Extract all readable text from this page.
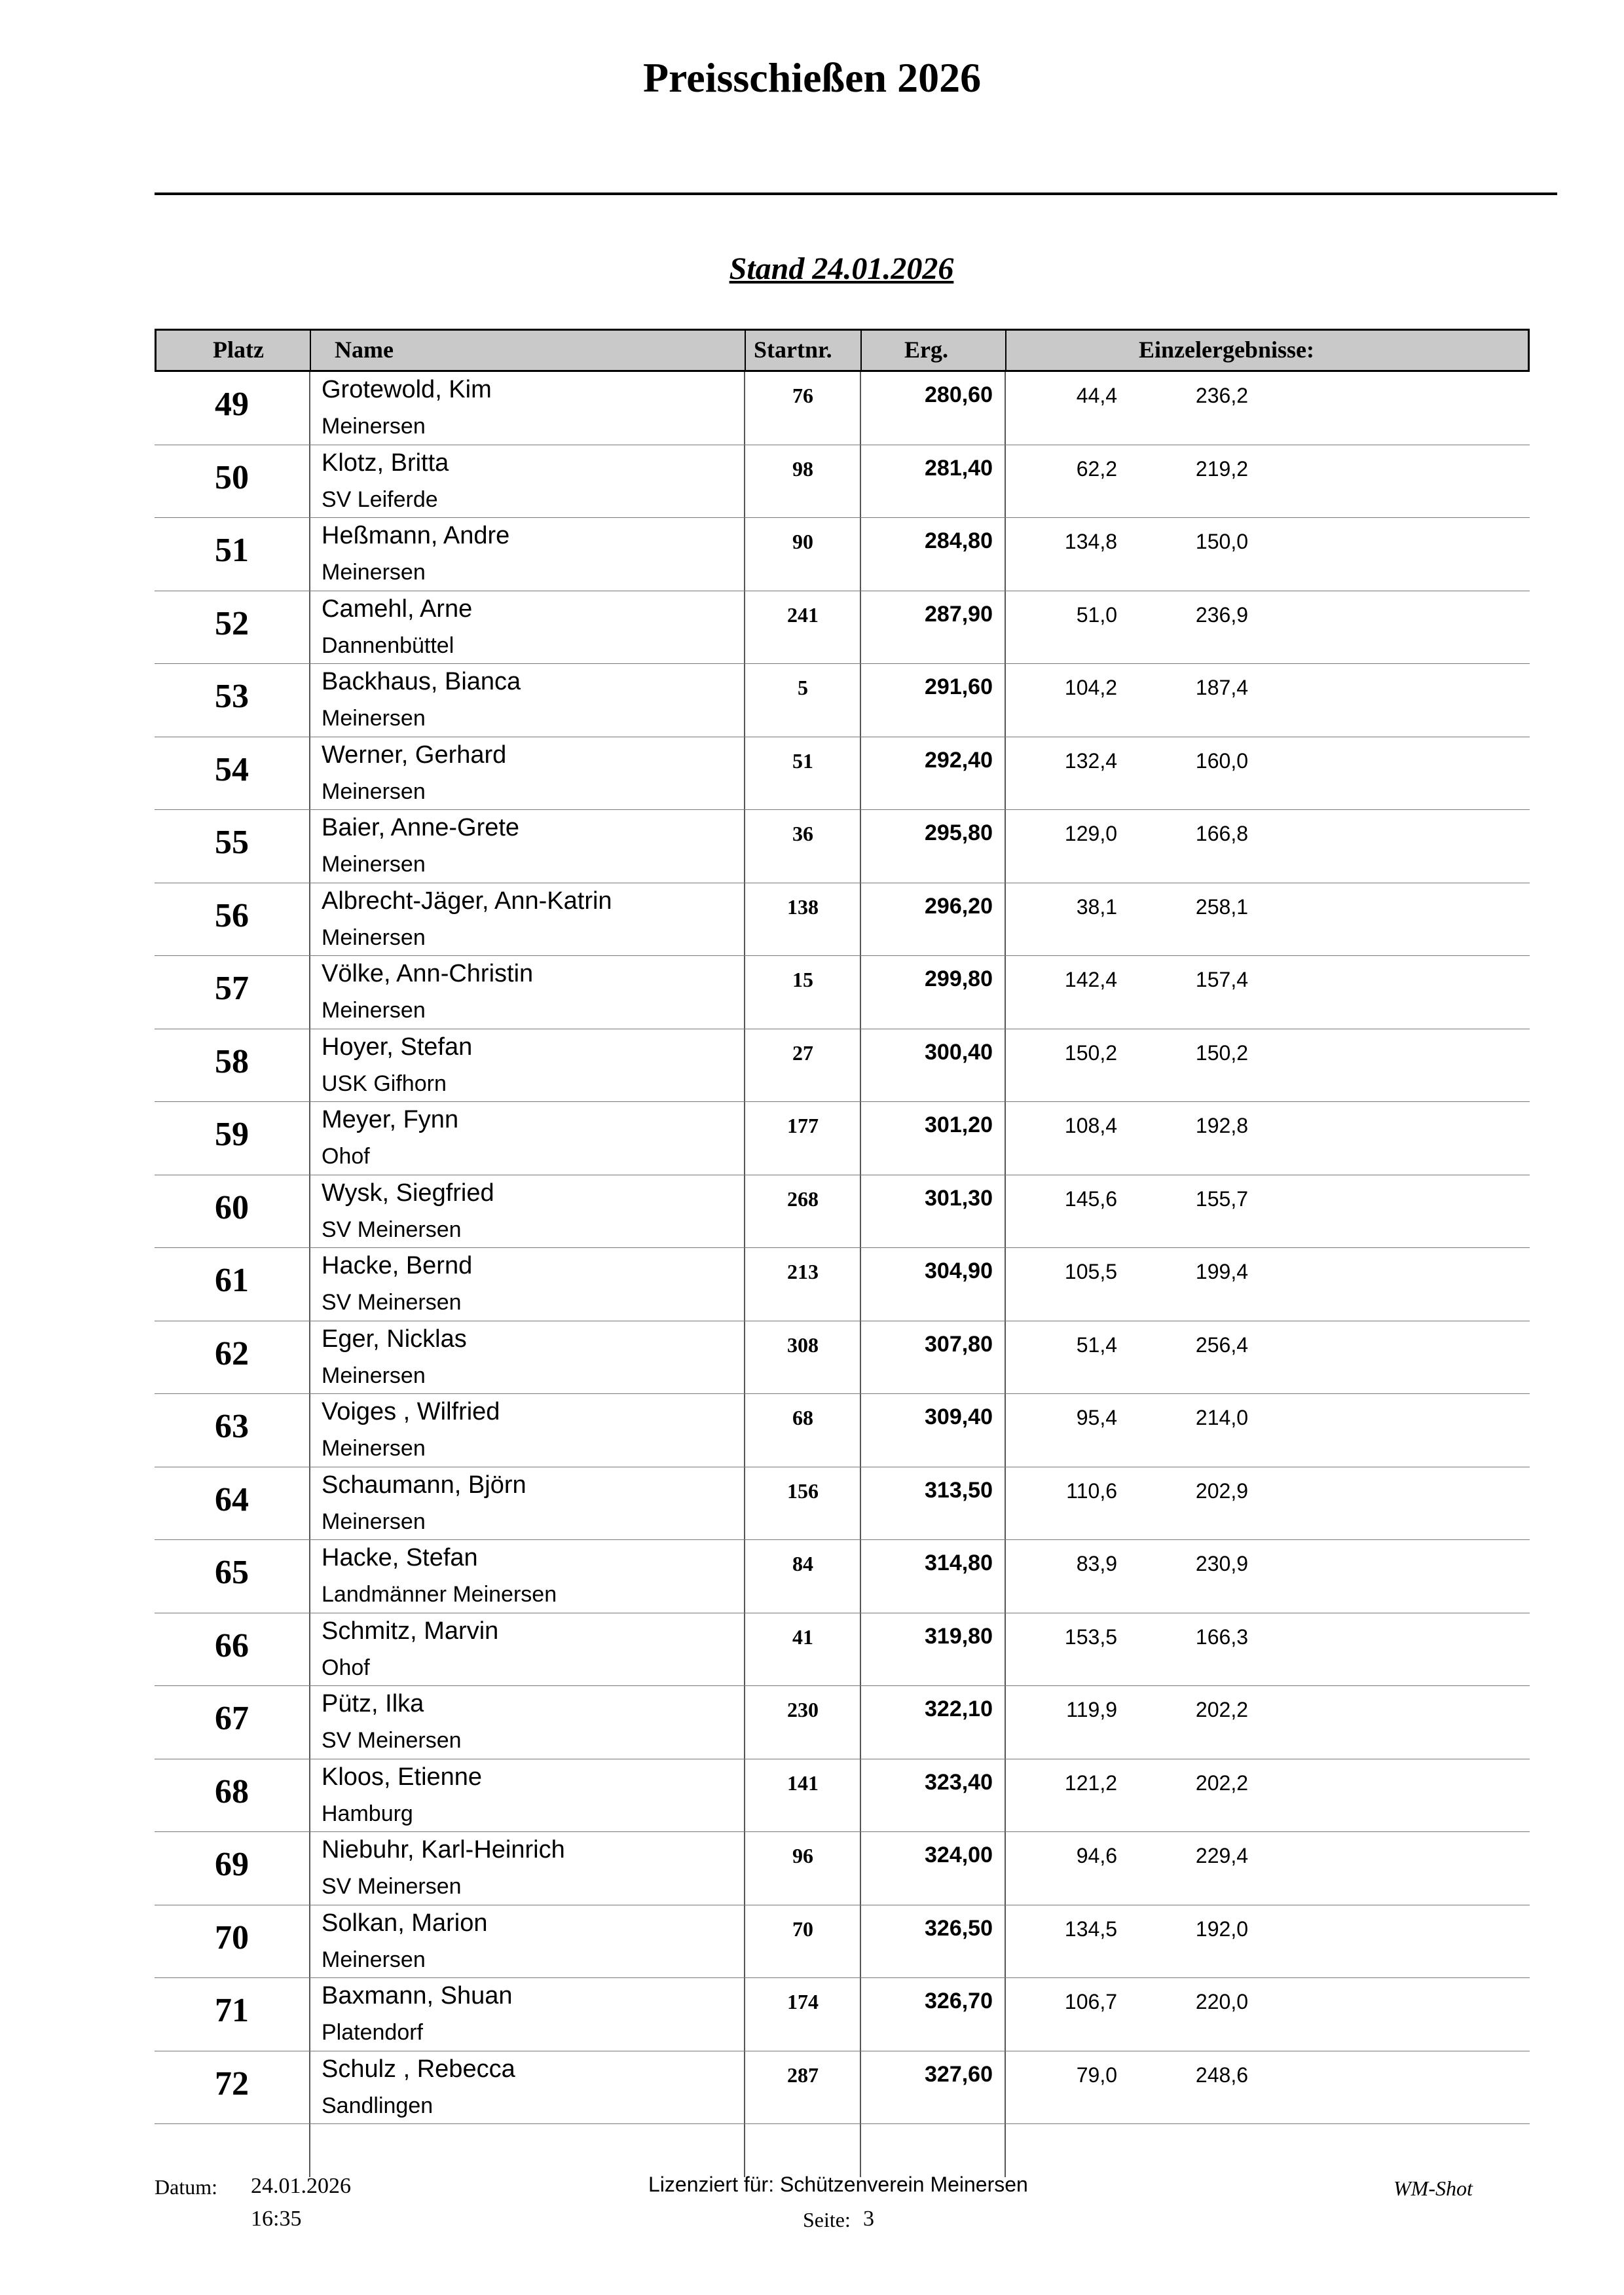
Preisschießen 2026
Stand 24.01.2026
Platz	Name	Startnr.	Erg.	Einzelergebnisse:
49	Grotewold, Kim
Meinersen
76	280,60	44,4	236,2
50	Klotz, Britta
SV Leiferde
98	281,40	62,2	219,2
51	Heßmann, Andre
Meinersen
90	284,80	134,8	150,0
52	Camehl, Arne
Dannenbüttel
241	287,90	51,0	236,9
53	Backhaus, Bianca
Meinersen
5	291,60	104,2	187,4
54	Werner, Gerhard
Meinersen
51	292,40	132,4	160,0
55	Baier, Anne-Grete
Meinersen
36	295,80	129,0	166,8
56	Albrecht-Jäger, Ann-Katrin
Meinersen
138	296,20	38,1	258,1
57	Völke, Ann-Christin
Meinersen
15	299,80	142,4	157,4
58	Hoyer, Stefan
USK Gifhorn
27	300,40	150,2	150,2
59	Meyer, Fynn
Ohof
177	301,20	108,4	192,8
60	Wysk, Siegfried
SV Meinersen
268	301,30	145,6	155,7
61	Hacke, Bernd
SV Meinersen
213	304,90	105,5	199,4
62	Eger, Nicklas
Meinersen
308	307,80	51,4	256,4
63	Voiges , Wilfried
Meinersen
68	309,40	95,4	214,0
64	Schaumann, Björn
Meinersen
156	313,50	110,6	202,9
65	Hacke, Stefan
Landmänner Meinersen
84	314,80	83,9	230,9
66	Schmitz, Marvin
Ohof
41	319,80	153,5	166,3
67	Pütz, Ilka
SV Meinersen
230	322,10	119,9	202,2
68	Kloos, Etienne
Hamburg
141	323,40	121,2	202,2
69	Niebuhr, Karl-Heinrich
SV Meinersen
96	324,00	94,6	229,4
70	Solkan, Marion
Meinersen
70	326,50	134,5	192,0
71	Baxmann, Shuan
Platendorf
174	326,70	106,7	220,0
72	Schulz , Rebecca
Sandlingen
287	327,60	79,0	248,6
Datum: 24.01.2026
16:35
Lizenziert für: Schützenverein Meinersen
Seite: 3
WM-Shot
